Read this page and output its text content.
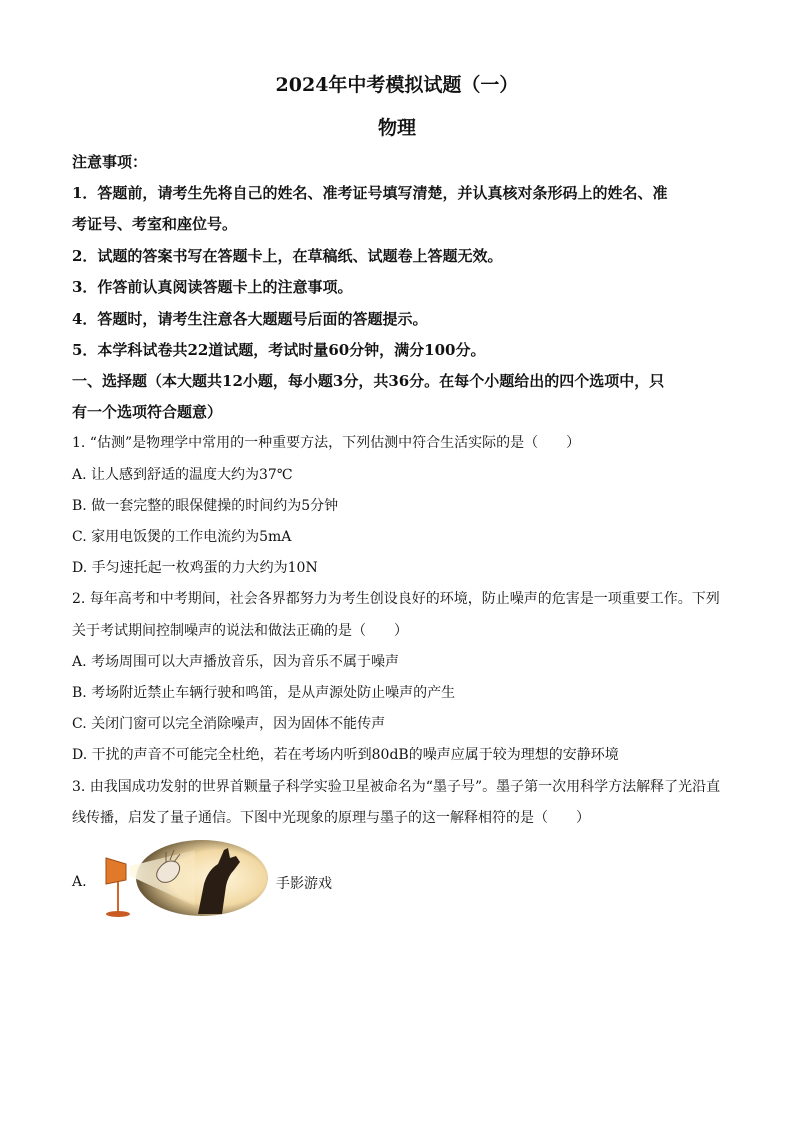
2024年中考模拟试题（一）
物理
注意事项：
1．答题前，请考生先将自己的姓名、准考证号填写清楚，并认真核对条形码上的姓名、准
考证号、考室和座位号。
2．试题的答案书写在答题卡上，在草稿纸、试题卷上答题无效。
3．作答前认真阅读答题卡上的注意事项。
4．答题时，请考生注意各大题题号后面的答题提示。
5．本学科试卷共22道试题，考试时量60分钟，满分100分。
一、选择题（本大题共12小题，每小题3分，共36分。在每个小题给出的四个选项中，只
有一个选项符合题意）
1. “估测”是物理学中常用的一种重要方法，下列估测中符合生活实际的是（　　）
A. 让人感到舒适的温度大约为37℃
B. 做一套完整的眼保健操的时间约为5分钟
C. 家用电饭煲的工作电流约为5mA
D. 手匀速托起一枚鸡蛋的力大约为10N
2. 每年高考和中考期间，社会各界都努力为考生创设良好的环境，防止噪声的危害是一项重要工作。下列
关于考试期间控制噪声的说法和做法正确的是（　　）
A. 考场周围可以大声播放音乐，因为音乐不属于噪声
B. 考场附近禁止车辆行驶和鸣笛，是从声源处防止噪声的产生
C. 关闭门窗可以完全消除噪声，因为固体不能传声
D. 干扰的声音不可能完全杜绝，若在考场内听到80dB的噪声应属于较为理想的安静环境
3. 由我国成功发射的世界首颗量子科学实验卫星被命名为“墨子号”。墨子第一次用科学方法解释了光沿直
线传播，启发了量子通信。下图中光现象的原理与墨子的这一解释相符的是（　　）
A.	手影游戏
